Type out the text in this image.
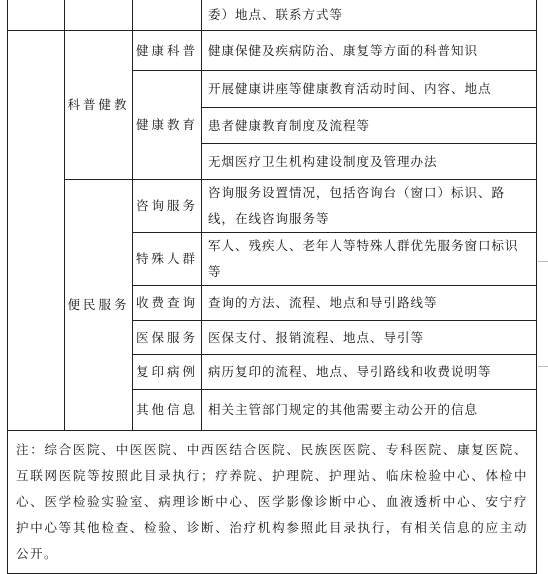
			委）地点、联系方式等
	科普健教	健康科普	健康保健及疾病防治、康复等方面的科普知识
		健康教育	开展健康讲座等健康教育活动时间、内容、地点
			患者健康教育制度及流程等
			无烟医疗卫生机构建设制度及管理办法
	便民服务	咨询服务	咨询服务设置情况，包括咨询台（窗口）标识、路线，在线咨询服务等
		特殊人群	军人、残疾人、老年人等特殊人群优先服务窗口标识等
		收费查询	查询的方法、流程、地点和导引路线等
		医保服务	医保支付、报销流程、地点、导引等
		复印病例	病历复印的流程、地点、导引路线和收费说明等
		其他信息	相关主管部门规定的其他需要主动公开的信息
注：综合医院、中医医院、中西医结合医院、民族医医院、专科医院、康复医院、互联网医院等按照此目录执行；疗养院、护理院、护理站、临床检验中心、体检中心、医学检验实验室、病理诊断中心、医学影像诊断中心、血液透析中心、安宁疗护中心等其他检查、检验、诊断、治疗机构参照此目录执行，有相关信息的应主动公开。			
